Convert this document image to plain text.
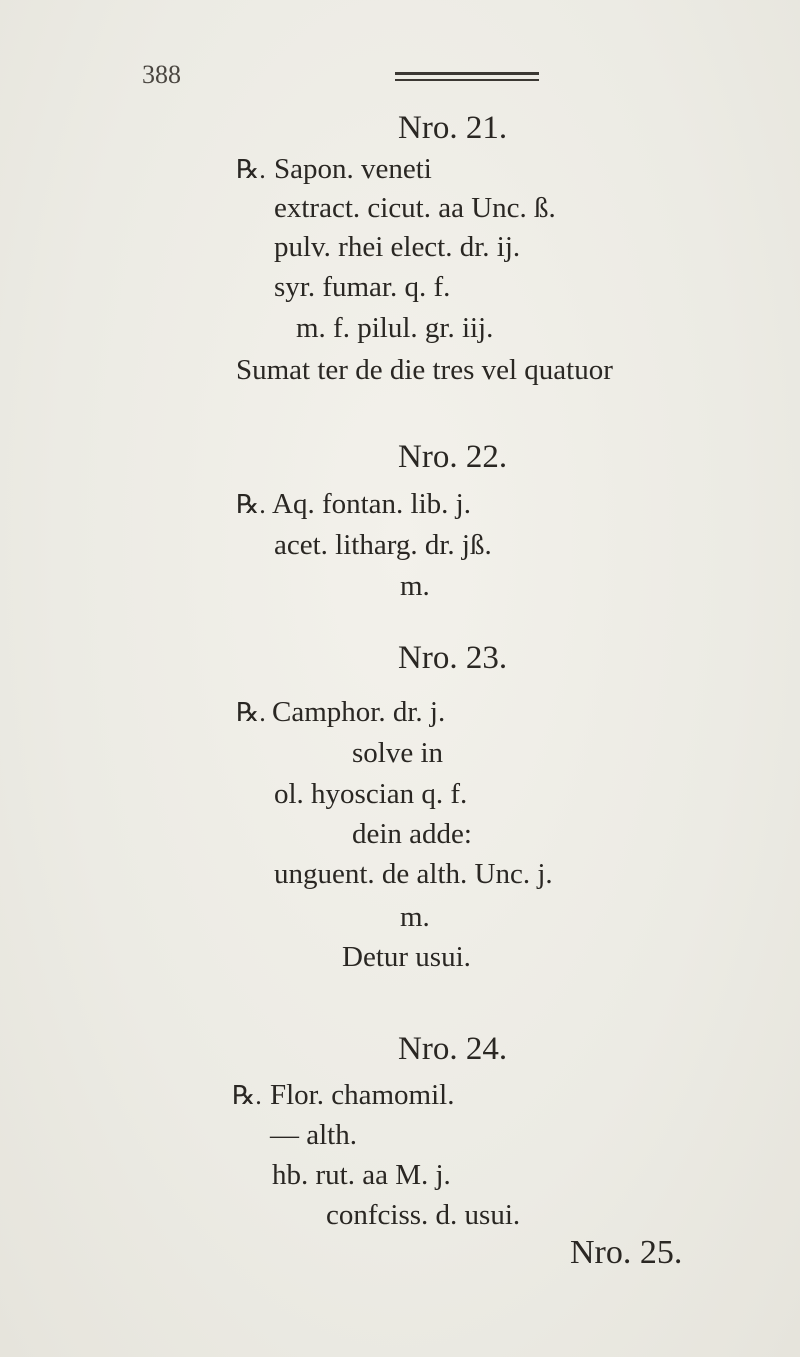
388
Nro. 21.
℞. Sapon. veneti
extract. cicut. aa Unc. ß.
pulv. rhei elect. dr. ij.
syr. fumar. q. f.
m. f. pilul. gr. iij.
Sumat ter de die tres vel quatuor
Nro. 22.
℞. Aq. fontan. lib. j.
acet. litharg. dr. jß.
m.
Nro. 23.
℞. Camphor. dr. j.
solve in
ol. hyoscian q. f.
dein adde:
unguent. de alth. Unc. j.
m.
Detur usui.
Nro. 24.
℞. Flor. chamomil.
— alth.
hb. rut. aa M. j.
confciss. d. usui.
Nro. 25.
